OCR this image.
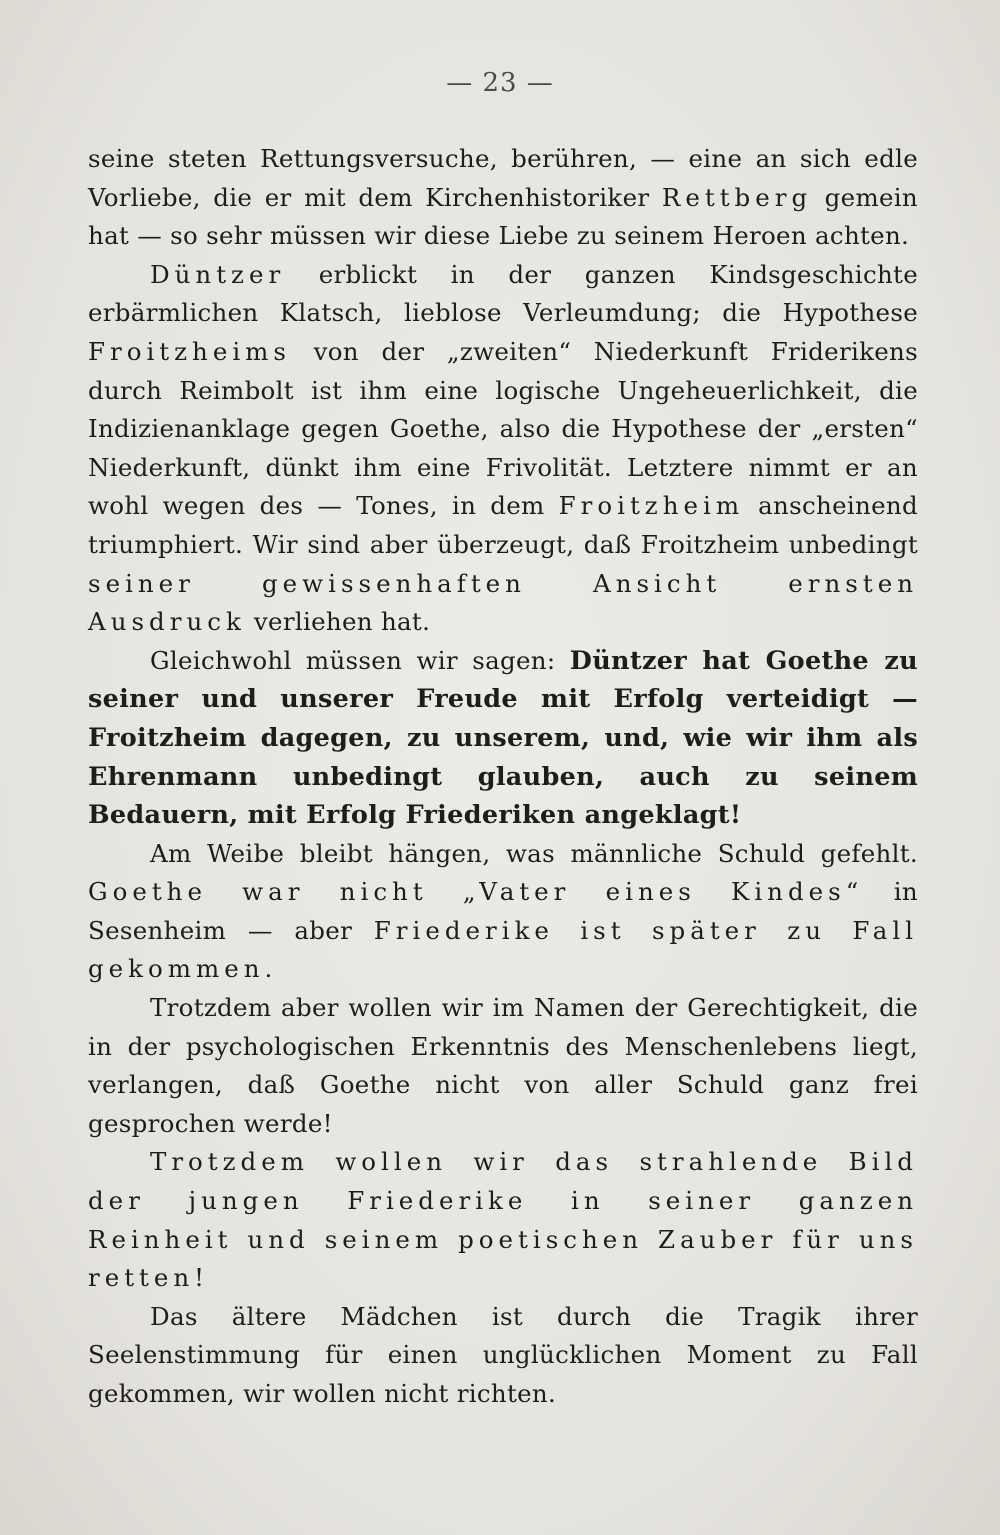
— 23 —

seine steten Rettungsversuche, berühren, — eine an sich edle Vorliebe, die er mit dem Kirchenhistoriker Rettberg gemein hat — so sehr müssen wir diese Liebe zu seinem Heroen achten.

Düntzer erblickt in der ganzen Kindsgeschichte erbärmlichen Klatsch, lieblose Verleumdung; die Hypothese Froitzheims von der „zweiten“ Niederkunft Friderikens durch Reimbolt ist ihm eine logische Ungeheuerlichkeit, die Indizienanklage gegen Goethe, also die Hypothese der „ersten“ Niederkunft, dünkt ihm eine Frivolität. Letztere nimmt er an wohl wegen des — Tones, in dem Froitzheim anscheinend triumphiert. Wir sind aber überzeugt, daß Froitzheim unbedingt seiner gewissenhaften Ansicht ernsten Ausdruck verliehen hat.

Gleichwohl müssen wir sagen: Düntzer hat Goethe zu seiner und unserer Freude mit Erfolg verteidigt — Froitzheim dagegen, zu unserem, und, wie wir ihm als Ehrenmann unbedingt glauben, auch zu seinem Bedauern, mit Erfolg Friederiken angeklagt!

Am Weibe bleibt hängen, was männliche Schuld gefehlt. Goethe war nicht „Vater eines Kindes“ in Sesenheim — aber Friederike ist später zu Fall gekommen.

Trotzdem aber wollen wir im Namen der Gerechtigkeit, die in der psychologischen Erkenntnis des Menschenlebens liegt, verlangen, daß Goethe nicht von aller Schuld ganz frei gesprochen werde!

Trotzdem wollen wir das strahlende Bild der jungen Friederike in seiner ganzen Reinheit und seinem poetischen Zauber für uns retten!

Das ältere Mädchen ist durch die Tragik ihrer Seelenstimmung für einen unglücklichen Moment zu Fall gekommen, wir wollen nicht richten.
